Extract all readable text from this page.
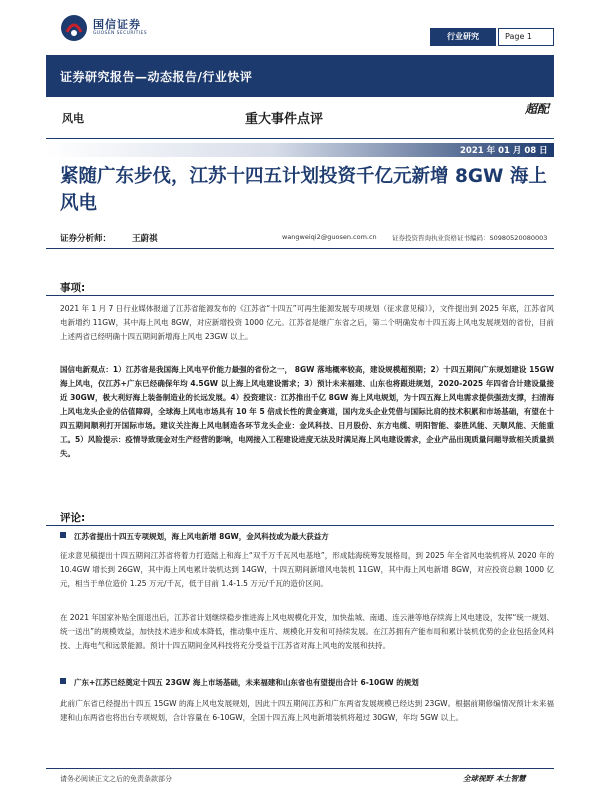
国信证券
GUOSEN SECURITIES	行业研究	Page 1
证券研究报告—动态报告/行业快评
风电	重大事件点评
超配
2021 年 01 月 08 日
紧随广东步伐，江苏十四五计划投资千亿元新增 8GW 海上风电
证券分析师： 王蔚祺	wangweiqi2@guosen.com.cn 证券投资咨询执业资格证书编码：S0980520080003
事项:
2021 年 1 月 7 日行业媒体报道了江苏省能源发布的《江苏省“十四五”可再生能源发展专项规划（征求意见稿）》，文件提出到 2025 年底，江苏省风电新增约 11GW，其中海上风电 8GW，对应新增投资 1000 亿元。江苏省是继广东省之后，第二个明确发布十四五海上风电发展规划的省份，目前上述两省已经明确十四五期间新增海上风电 23GW 以上。
国信电新观点：1）江苏省是我国海上风电平价能力最强的省份之一， 8GW 落地概率较高，建设规模超预期；2）十四五期间广东规划建设 15GW 海上风电，仅江苏+广东已经确保年均 4.5GW 以上海上风电建设需求；3）预计未来福建、山东也将跟进规划，2020-2025 年四省合计建设量接近 30GW，极大利好海上装备制造业的长远发展。4）投资建议：江苏推出千亿 8GW 海上风电规划，为十四五海上风电需求提供强劲支撑，扫清海上风电龙头企业的估值障碍，全球海上风电市场具有 10 年 5 倍成长性的黄金赛道，国内龙头企业凭借与国际比肩的技术积累和市场基础，有望在十四五期间顺利打开国际市场。建议关注海上风电制造各环节龙头企业：金风科技、日月股份、东方电缆、明阳智能、泰胜风能、天顺风能、天能重工。5）风险提示：疫情导致现金对生产经营的影响，电网接入工程建设进度无法及时满足海上风电建设需求，企业产品出现质量问题导致相关质量损失。
评论:
江苏省提出十四五专项规划，海上风电新增 8GW，金风科技或为最大获益方
征求意见稿提出十四五期间江苏省将着力打造陆上和海上“双千万千瓦风电基地”，形成陆海统筹发展格局，到 2025 年全省风电装机将从 2020 年的 10.4GW 增长到 26GW，其中海上风电累计装机达到 14GW，十四五期间新增风电装机 11GW，其中海上风电新增 8GW，对应投资总额 1000 亿元，相当于单位造价 1.25 万元/千瓦，低于目前 1.4-1.5 万元/千瓦的造价区间。
在 2021 年国家补贴全面退出后，江苏省计划继续稳步推进海上风电规模化开发，加快盐城、南通、连云港等地存续海上风电建设，发挥“统一规划、统一送出”的规模效益，加快技术进步和成本降低，推动集中连片、规模化开发和可持续发展。在江苏拥有产能布局和累计装机优势的企业包括金风科技、上海电气和远景能源。预计十四五期间金风科技将充分受益于江苏省对海上风电的发展和扶持。
广东+江苏已经奠定十四五 23GW 海上市场基础，未来福建和山东省也有望提出合计 6-10GW 的规划
此前广东省已经提出十四五 15GW 的海上风电发展规划，因此十四五期间江苏和广东两省发展规模已经达到 23GW。根据前期修编情况预计未来福建和山东两省也将出台专项规划，合计容量在 6-10GW，全国十四五海上风电新增装机将超过 30GW，年均 5GW 以上。
请务必阅读正文之后的免责条款部分	全球视野 本土智慧
